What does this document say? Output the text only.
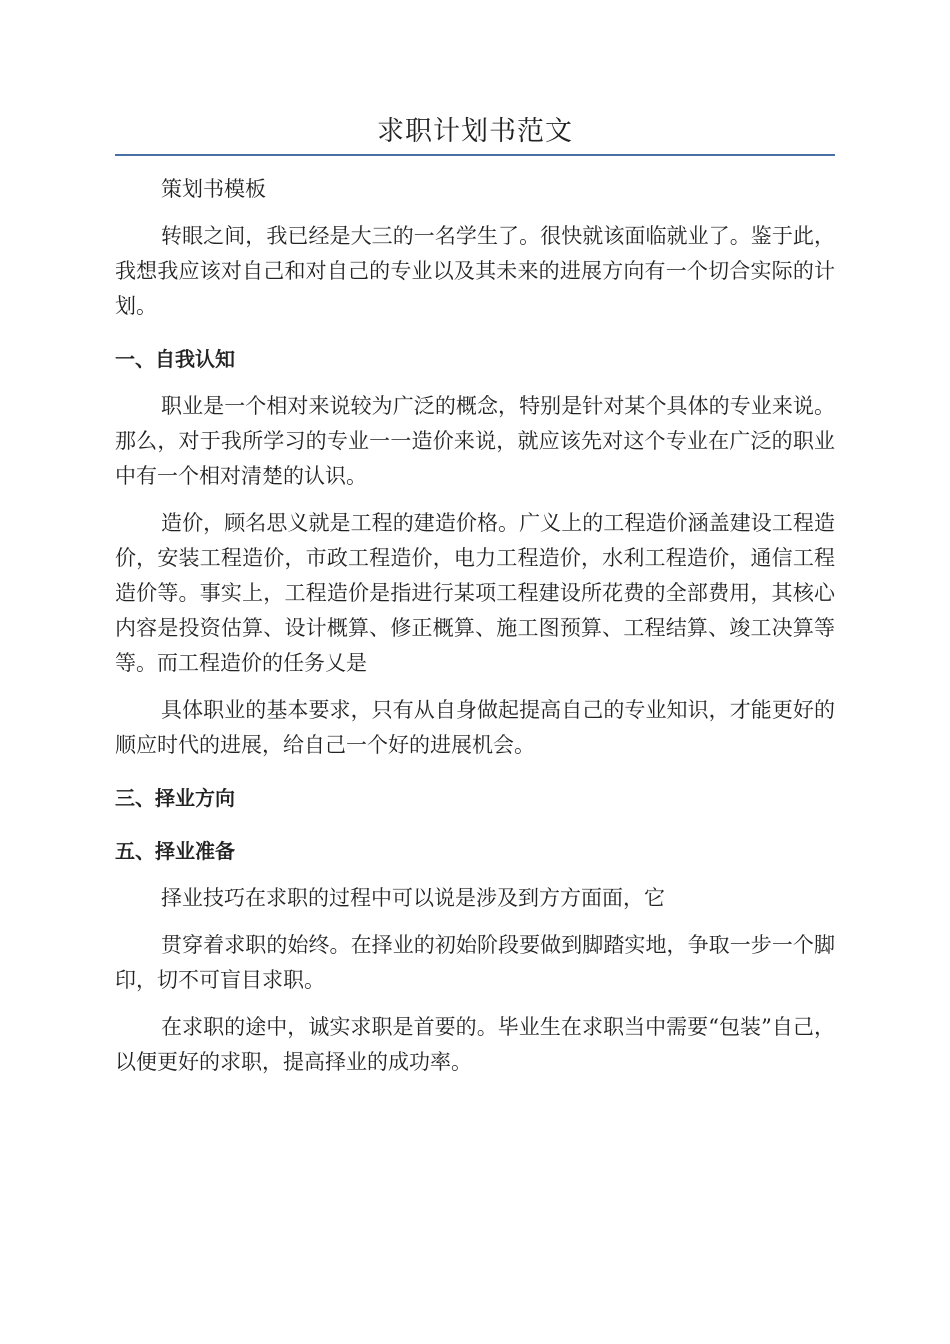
求职计划书范文

策划书模板

转眼之间，我已经是大三的一名学生了。很快就该面临就业了。鉴于此，我想我应该对自己和对自己的专业以及其未来的进展方向有一个切合实际的计划。

一、自我认知

职业是一个相对来说较为广泛的概念，特别是针对某个具体的专业来说。那么，对于我所学习的专业一一造价来说，就应该先对这个专业在广泛的职业中有一个相对清楚的认识。

造价，顾名思义就是工程的建造价格。广义上的工程造价涵盖建设工程造价，安装工程造价，市政工程造价，电力工程造价，水利工程造价，通信工程造价等。事实上，工程造价是指进行某项工程建设所花费的全部费用，其核心内容是投资估算、设计概算、修正概算、施工图预算、工程结算、竣工决算等等。而工程造价的任务乂是

具体职业的基本要求，只有从自身做起提高自己的专业知识，才能更好的顺应时代的进展，给自己一个好的进展机会。

三、择业方向
五、择业准备

择业技巧在求职的过程中可以说是涉及到方方面面，它

贯穿着求职的始终。在择业的初始阶段要做到脚踏实地，争取一步一个脚印，切不可盲目求职。

在求职的途中，诚实求职是首要的。毕业生在求职当中需要“包装”自己，以便更好的求职，提高择业的成功率。
